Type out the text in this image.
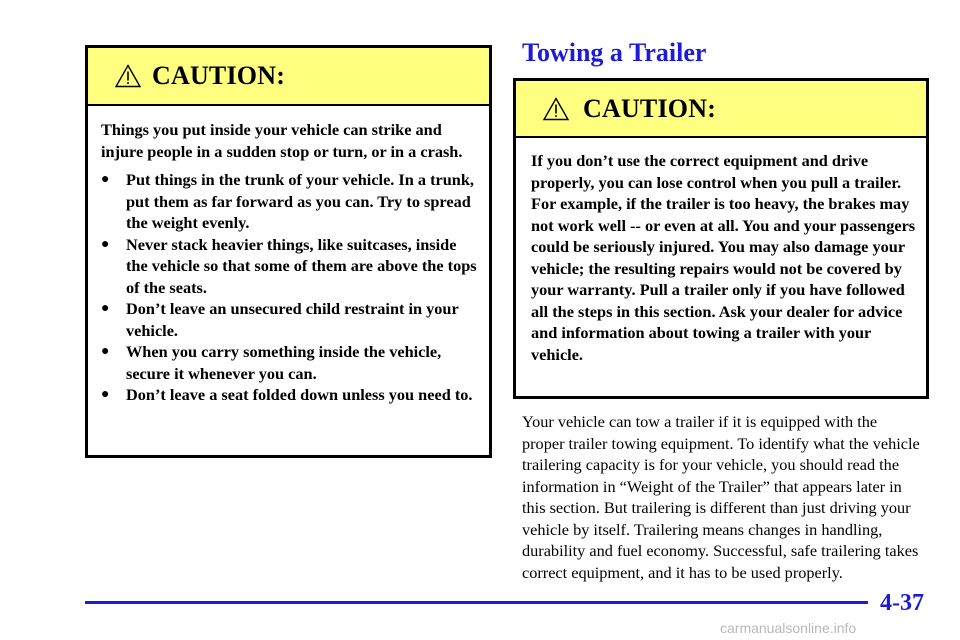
CAUTION:

Things you put inside your vehicle can strike and injure people in a sudden stop or turn, or in a crash.

● Put things in the trunk of your vehicle. In a trunk, put them as far forward as you can. Try to spread the weight evenly.
● Never stack heavier things, like suitcases, inside the vehicle so that some of them are above the tops of the seats.
● Don’t leave an unsecured child restraint in your vehicle.
● When you carry something inside the vehicle, secure it whenever you can.
● Don’t leave a seat folded down unless you need to.
Towing a Trailer
CAUTION:

If you don’t use the correct equipment and drive properly, you can lose control when you pull a trailer. For example, if the trailer is too heavy, the brakes may not work well -- or even at all. You and your passengers could be seriously injured. You may also damage your vehicle; the resulting repairs would not be covered by your warranty. Pull a trailer only if you have followed all the steps in this section. Ask your dealer for advice and information about towing a trailer with your vehicle.

Your vehicle can tow a trailer if it is equipped with the proper trailer towing equipment. To identify what the vehicle trailering capacity is for your vehicle, you should read the information in “Weight of the Trailer” that appears later in this section. But trailering is different than just driving your vehicle by itself. Trailering means changes in handling, durability and fuel economy. Successful, safe trailering takes correct equipment, and it has to be used properly.
4-37
carmanualsonline.info
